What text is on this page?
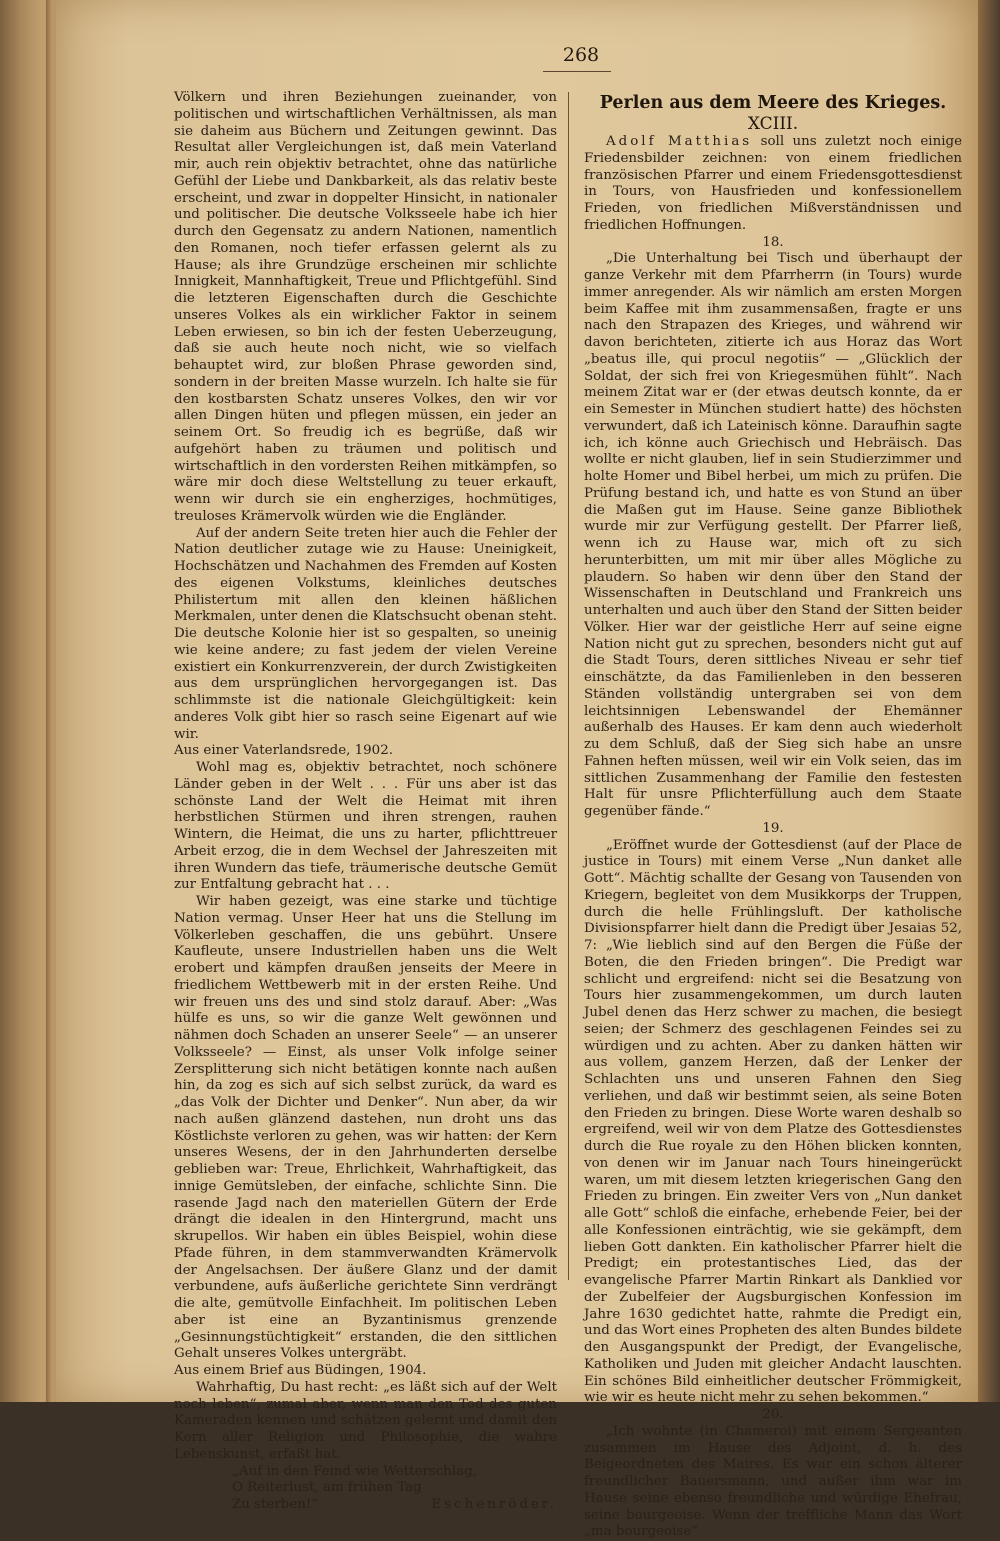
268

Völkern und ihren Beziehungen zueinander, von politischen und wirtschaftlichen Verhältnissen, als man sie daheim aus Büchern und Zeitungen gewinnt. Das Resultat aller Vergleichungen ist, daß mein Vaterland mir, auch rein objektiv betrachtet, ohne das natürliche Gefühl der Liebe und Dankbarkeit, als das relativ beste erscheint, und zwar in doppelter Hinsicht, in nationaler und politischer. Die deutsche Volksseele habe ich hier durch den Gegensatz zu andern Nationen, namentlich den Romanen, noch tiefer erfassen gelernt als zu Hause; als ihre Grundzüge erscheinen mir schlichte Innigkeit, Mannhaftigkeit, Treue und Pflichtgefühl. Sind die letzteren Eigenschaften durch die Geschichte unseres Volkes als ein wirklicher Faktor in seinem Leben erwiesen, so bin ich der festen Ueberzeugung, daß sie auch heute noch nicht, wie so vielfach behauptet wird, zur bloßen Phrase geworden sind, sondern in der breiten Masse wurzeln. Ich halte sie für den kostbarsten Schatz unseres Volkes, den wir vor allen Dingen hüten und pflegen müssen, ein jeder an seinem Ort. So freudig ich es begrüße, daß wir aufgehört haben zu träumen und politisch und wirtschaftlich in den vordersten Reihen mitkämpfen, so wäre mir doch diese Weltstellung zu teuer erkauft, wenn wir durch sie ein engherziges, hochmütiges, treuloses Krämervolk würden wie die Engländer.

Auf der andern Seite treten hier auch die Fehler der Nation deutlicher zutage wie zu Hause: Uneinigkeit, Hochschätzen und Nachahmen des Fremden auf Kosten des eigenen Volkstums, kleinliches deutsches Philistertum mit allen den kleinen häßlichen Merkmalen, unter denen die Klatschsucht obenan steht. Die deutsche Kolonie hier ist so gespalten, so uneinig wie keine andere; zu fast jedem der vielen Vereine existiert ein Konkurrenzverein, der durch Zwistigkeiten aus dem ursprünglichen hervorgegangen ist. Das schlimmste ist die nationale Gleichgültigkeit: kein anderes Volk gibt hier so rasch seine Eigenart auf wie wir.

Aus einer Vaterlandsrede, 1902.

Wohl mag es, objektiv betrachtet, noch schönere Länder geben in der Welt . . . Für uns aber ist das schönste Land der Welt die Heimat mit ihren herbstlichen Stürmen und ihren strengen, rauhen Wintern, die Heimat, die uns zu harter, pflichttreuer Arbeit erzog, die in dem Wechsel der Jahreszeiten mit ihren Wundern das tiefe, träumerische deutsche Gemüt zur Entfaltung gebracht hat . . .

Wir haben gezeigt, was eine starke und tüchtige Nation vermag. Unser Heer hat uns die Stellung im Völkerleben geschaffen, die uns gebührt. Unsere Kaufleute, unsere Industriellen haben uns die Welt erobert und kämpfen draußen jenseits der Meere in friedlichem Wettbewerb mit in der ersten Reihe. Und wir freuen uns des und sind stolz darauf. Aber: „Was hülfe es uns, so wir die ganze Welt gewönnen und nähmen doch Schaden an unserer Seele“ — an unserer Volksseele? — Einst, als unser Volk infolge seiner Zersplitterung sich nicht betätigen konnte nach außen hin, da zog es sich auf sich selbst zurück, da ward es „das Volk der Dichter und Denker“. Nun aber, da wir nach außen glänzend dastehen, nun droht uns das Köstlichste verloren zu gehen, was wir hatten: der Kern unseres Wesens, der in den Jahrhunderten derselbe geblieben war: Treue, Ehrlichkeit, Wahrhaftigkeit, das innige Gemütsleben, der einfache, schlichte Sinn. Die rasende Jagd nach den materiellen Gütern der Erde drängt die idealen in den Hintergrund, macht uns skrupellos. Wir haben ein übles Beispiel, wohin diese Pfade führen, in dem stammverwandten Krämervolk der Angelsachsen. Der äußere Glanz und der damit verbundene, aufs äußerliche gerichtete Sinn verdrängt die alte, gemütvolle Einfachheit. Im politischen Leben aber ist eine an Byzantinismus grenzende „Gesinnungstüchtigkeit“ erstanden, die den sittlichen Gehalt unseres Volkes untergräbt.

Aus einem Brief aus Büdingen, 1904.

Wahrhaftig, Du hast recht: „es läßt sich auf der Welt noch leben“, zumal aber, wenn man den Tod des guten Kameraden kennen und schätzen gelernt und damit den Kern aller Religion und Philosophie, die wahre Lebenskunst, erfaßt hat.

„Auf in den Feind wie Wetterschlag,
O Reiterlust, am frühen Tag
Zu sterben!“	Eschenröder.

Perlen aus dem Meere des Krieges.

XCIII.

Adolf Matthias soll uns zuletzt noch einige Friedensbilder zeichnen: von einem friedlichen französischen Pfarrer und einem Friedensgottesdienst in Tours, von Hausfrieden und konfessionellem Frieden, von friedlichen Mißverständnissen und friedlichen Hoffnungen.

18.

„Die Unterhaltung bei Tisch und überhaupt der ganze Verkehr mit dem Pfarrherrn (in Tours) wurde immer anregender. Als wir nämlich am ersten Morgen beim Kaffee mit ihm zusammensaßen, fragte er uns nach den Strapazen des Krieges, und während wir davon berichteten, zitierte ich aus Horaz das Wort „beatus ille, qui procul negotiis“ — „Glücklich der Soldat, der sich frei von Kriegesmühen fühlt“. Nach meinem Zitat war er (der etwas deutsch konnte, da er ein Semester in München studiert hatte) des höchsten verwundert, daß ich Lateinisch könne. Daraufhin sagte ich, ich könne auch Griechisch und Hebräisch. Das wollte er nicht glauben, lief in sein Studierzimmer und holte Homer und Bibel herbei, um mich zu prüfen. Die Prüfung bestand ich, und hatte es von Stund an über die Maßen gut im Hause. Seine ganze Bibliothek wurde mir zur Verfügung gestellt. Der Pfarrer ließ, wenn ich zu Hause war, mich oft zu sich herunterbitten, um mit mir über alles Mögliche zu plaudern. So haben wir denn über den Stand der Wissenschaften in Deutschland und Frankreich uns unterhalten und auch über den Stand der Sitten beider Völker. Hier war der geistliche Herr auf seine eigne Nation nicht gut zu sprechen, besonders nicht gut auf die Stadt Tours, deren sittliches Niveau er sehr tief einschätzte, da das Familienleben in den besseren Ständen vollständig untergraben sei von dem leichtsinnigen Lebenswandel der Ehemänner außerhalb des Hauses. Er kam denn auch wiederholt zu dem Schluß, daß der Sieg sich habe an unsre Fahnen heften müssen, weil wir ein Volk seien, das im sittlichen Zusammenhang der Familie den festesten Halt für unsre Pflichterfüllung auch dem Staate gegenüber fände.“

19.

„Eröffnet wurde der Gottesdienst (auf der Place de justice in Tours) mit einem Verse „Nun danket alle Gott“. Mächtig schallte der Gesang von Tausenden von Kriegern, begleitet von dem Musikkorps der Truppen, durch die helle Frühlingsluft. Der katholische Divisionspfarrer hielt dann die Predigt über Jesaias 52, 7: „Wie lieblich sind auf den Bergen die Füße der Boten, die den Frieden bringen“. Die Predigt war schlicht und ergreifend: nicht sei die Besatzung von Tours hier zusammengekommen, um durch lauten Jubel denen das Herz schwer zu machen, die besiegt seien; der Schmerz des geschlagenen Feindes sei zu würdigen und zu achten. Aber zu danken hätten wir aus vollem, ganzem Herzen, daß der Lenker der Schlachten uns und unseren Fahnen den Sieg verliehen, und daß wir bestimmt seien, als seine Boten den Frieden zu bringen. Diese Worte waren deshalb so ergreifend, weil wir von dem Platze des Gottesdienstes durch die Rue royale zu den Höhen blicken konnten, von denen wir im Januar nach Tours hineingerückt waren, um mit diesem letzten kriegerischen Gang den Frieden zu bringen. Ein zweiter Vers von „Nun danket alle Gott“ schloß die einfache, erhebende Feier, bei der alle Konfessionen einträchtig, wie sie gekämpft, dem lieben Gott dankten. Ein katholischer Pfarrer hielt die Predigt; ein protestantisches Lied, das der evangelische Pfarrer Martin Rinkart als Danklied vor der Zubelfeier der Augsburgischen Konfession im Jahre 1630 gedichtet hatte, rahmte die Predigt ein, und das Wort eines Propheten des alten Bundes bildete den Ausgangspunkt der Predigt, der Evangelische, Katholiken und Juden mit gleicher Andacht lauschten. Ein schönes Bild einheitlicher deutscher Frömmigkeit, wie wir es heute nicht mehr zu sehen bekommen.“

20.

„Ich wohnte (in Chameroi) mit einem Sergeanten zusammen im Hause des Adjoint, d. h. des Beigeordneten des Maires. Es war ein schon älterer freundlicher Bauersmann, und außer ihm war im Hause seine ebenso freundliche und würdige Ehefrau, seine bourgeoise. Wenn der treffliche Mann das Wort „ma bourgeoise“
